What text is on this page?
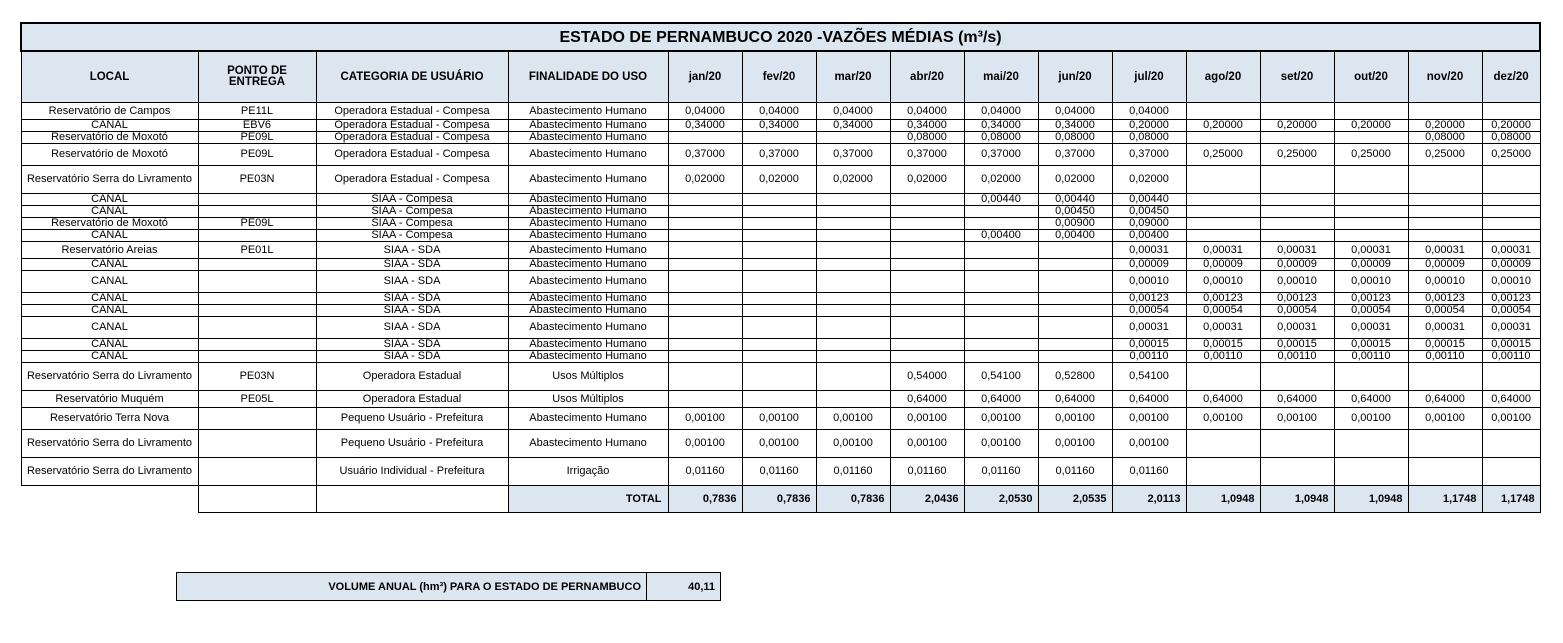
ESTADO DE PERNAMBUCO 2020 -VAZÕES MÉDIAS (m³/s)															
LOCAL	PONTO DE ENTREGA	CATEGORIA DE USUÁRIO	FINALIDADE DO USO	jan/20	fev/20	mar/20	abr/20	mai/20	jun/20	jul/20	ago/20	set/20	out/20	nov/20	dez/20
Reservatório de Campos	PE11L	Operadora Estadual - Compesa	Abastecimento Humano	0,04000	0,04000	0,04000	0,04000	0,04000	0,04000	0,04000					
CANAL	EBV6	Operadora Estadual - Compesa	Abastecimento Humano	0,34000	0,34000	0,34000	0,34000	0,34000	0,34000	0,20000	0,20000	0,20000	0,20000	0,20000	0,20000
Reservatório de Moxotó	PE09L	Operadora Estadual - Compesa	Abastecimento Humano				0,08000	0,08000	0,08000	0,08000				0,08000	0,08000
Reservatório de Moxotó	PE09L	Operadora Estadual - Compesa	Abastecimento Humano	0,37000	0,37000	0,37000	0,37000	0,37000	0,37000	0,37000	0,25000	0,25000	0,25000	0,25000	0,25000
Reservatório Serra do Livramento	PE03N	Operadora Estadual - Compesa	Abastecimento Humano	0,02000	0,02000	0,02000	0,02000	0,02000	0,02000	0,02000					
CANAL		SIAA - Compesa	Abastecimento Humano					0,00440	0,00440	0,00440					
CANAL		SIAA - Compesa	Abastecimento Humano						0,00450	0,00450					
Reservatório de Moxotó	PE09L	SIAA - Compesa	Abastecimento Humano						0,00900	0,09000					
CANAL		SIAA - Compesa	Abastecimento Humano					0,00400	0,00400	0,00400					
Reservatório Areias	PE01L	SIAA - SDA	Abastecimento Humano							0,00031	0,00031	0,00031	0,00031	0,00031	0,00031
CANAL		SIAA - SDA	Abastecimento Humano							0,00009	0,00009	0,00009	0,00009	0,00009	0,00009
CANAL		SIAA - SDA	Abastecimento Humano							0,00010	0,00010	0,00010	0,00010	0,00010	0,00010
CANAL		SIAA - SDA	Abastecimento Humano							0,00123	0,00123	0,00123	0,00123	0,00123	0,00123
CANAL		SIAA - SDA	Abastecimento Humano							0,00054	0,00054	0,00054	0,00054	0,00054	0,00054
CANAL		SIAA - SDA	Abastecimento Humano							0,00031	0,00031	0,00031	0,00031	0,00031	0,00031
CANAL		SIAA - SDA	Abastecimento Humano							0,00015	0,00015	0,00015	0,00015	0,00015	0,00015
CANAL		SIAA - SDA	Abastecimento Humano							0,00110	0,00110	0,00110	0,00110	0,00110	0,00110
Reservatório Serra do Livramento	PE03N	Operadora Estadual	Usos Múltiplos				0,54000	0,54100	0,52800	0,54100					
Reservatório Muquém	PE05L	Operadora Estadual	Usos Múltiplos				0,64000	0,64000	0,64000	0,64000	0,64000	0,64000	0,64000	0,64000	0,64000
Reservatório Terra Nova		Pequeno Usuário - Prefeitura	Abastecimento Humano	0,00100	0,00100	0,00100	0,00100	0,00100	0,00100	0,00100	0,00100	0,00100	0,00100	0,00100	0,00100
Reservatório Serra do Livramento		Pequeno Usuário - Prefeitura	Abastecimento Humano	0,00100	0,00100	0,00100	0,00100	0,00100	0,00100	0,00100					
Reservatório Serra do Livramento		Usuário Individual - Prefeitura	Irrigação	0,01160	0,01160	0,01160	0,01160	0,01160	0,01160	0,01160					
			TOTAL	0,7836	0,7836	0,7836	2,0436	2,0530	2,0535	2,0113	1,0948	1,0948	1,0948	1,1748	1,1748
VOLUME ANUAL (hm³) PARA O ESTADO DE PERNAMBUCO	40,11
